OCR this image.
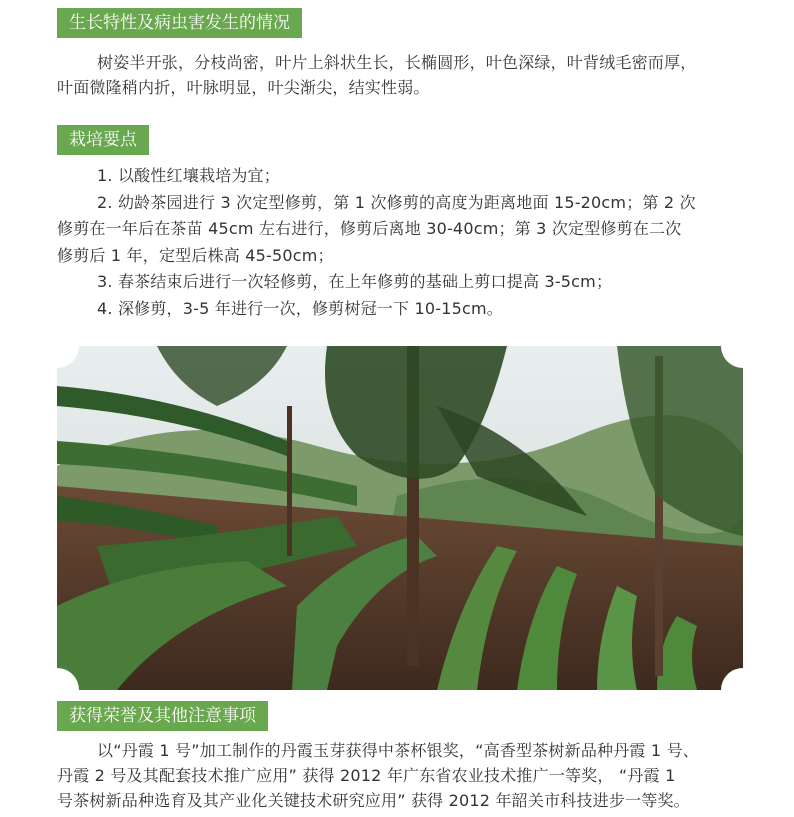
生长特性及病虫害发生的情况
树姿半开张，分枝尚密，叶片上斜状生长，长椭圆形，叶色深绿，叶背绒毛密而厚，
叶面微隆稍内折，叶脉明显，叶尖渐尖，结实性弱。
栽培要点
1. 以酸性红壤栽培为宜；
2. 幼龄茶园进行 3 次定型修剪，第 1 次修剪的高度为距离地面 15-20cm；第 2 次
修剪在一年后在茶苗 45cm 左右进行，修剪后离地 30-40cm；第 3 次定型修剪在二次
修剪后 1 年，定型后株高 45-50cm；
3. 春茶结束后进行一次轻修剪，在上年修剪的基础上剪口提高 3-5cm；
4. 深修剪，3-5 年进行一次，修剪树冠一下 10-15cm。
获得荣誉及其他注意事项
以“丹霞 1 号”加工制作的丹霞玉芽获得中茶杯银奖，“高香型茶树新品种丹霞 1 号、
丹霞 2 号及其配套技术推广应用” 获得 2012 年广东省农业技术推广一等奖， “丹霞 1
号茶树新品种选育及其产业化关键技术研究应用” 获得 2012 年韶关市科技进步一等奖。
